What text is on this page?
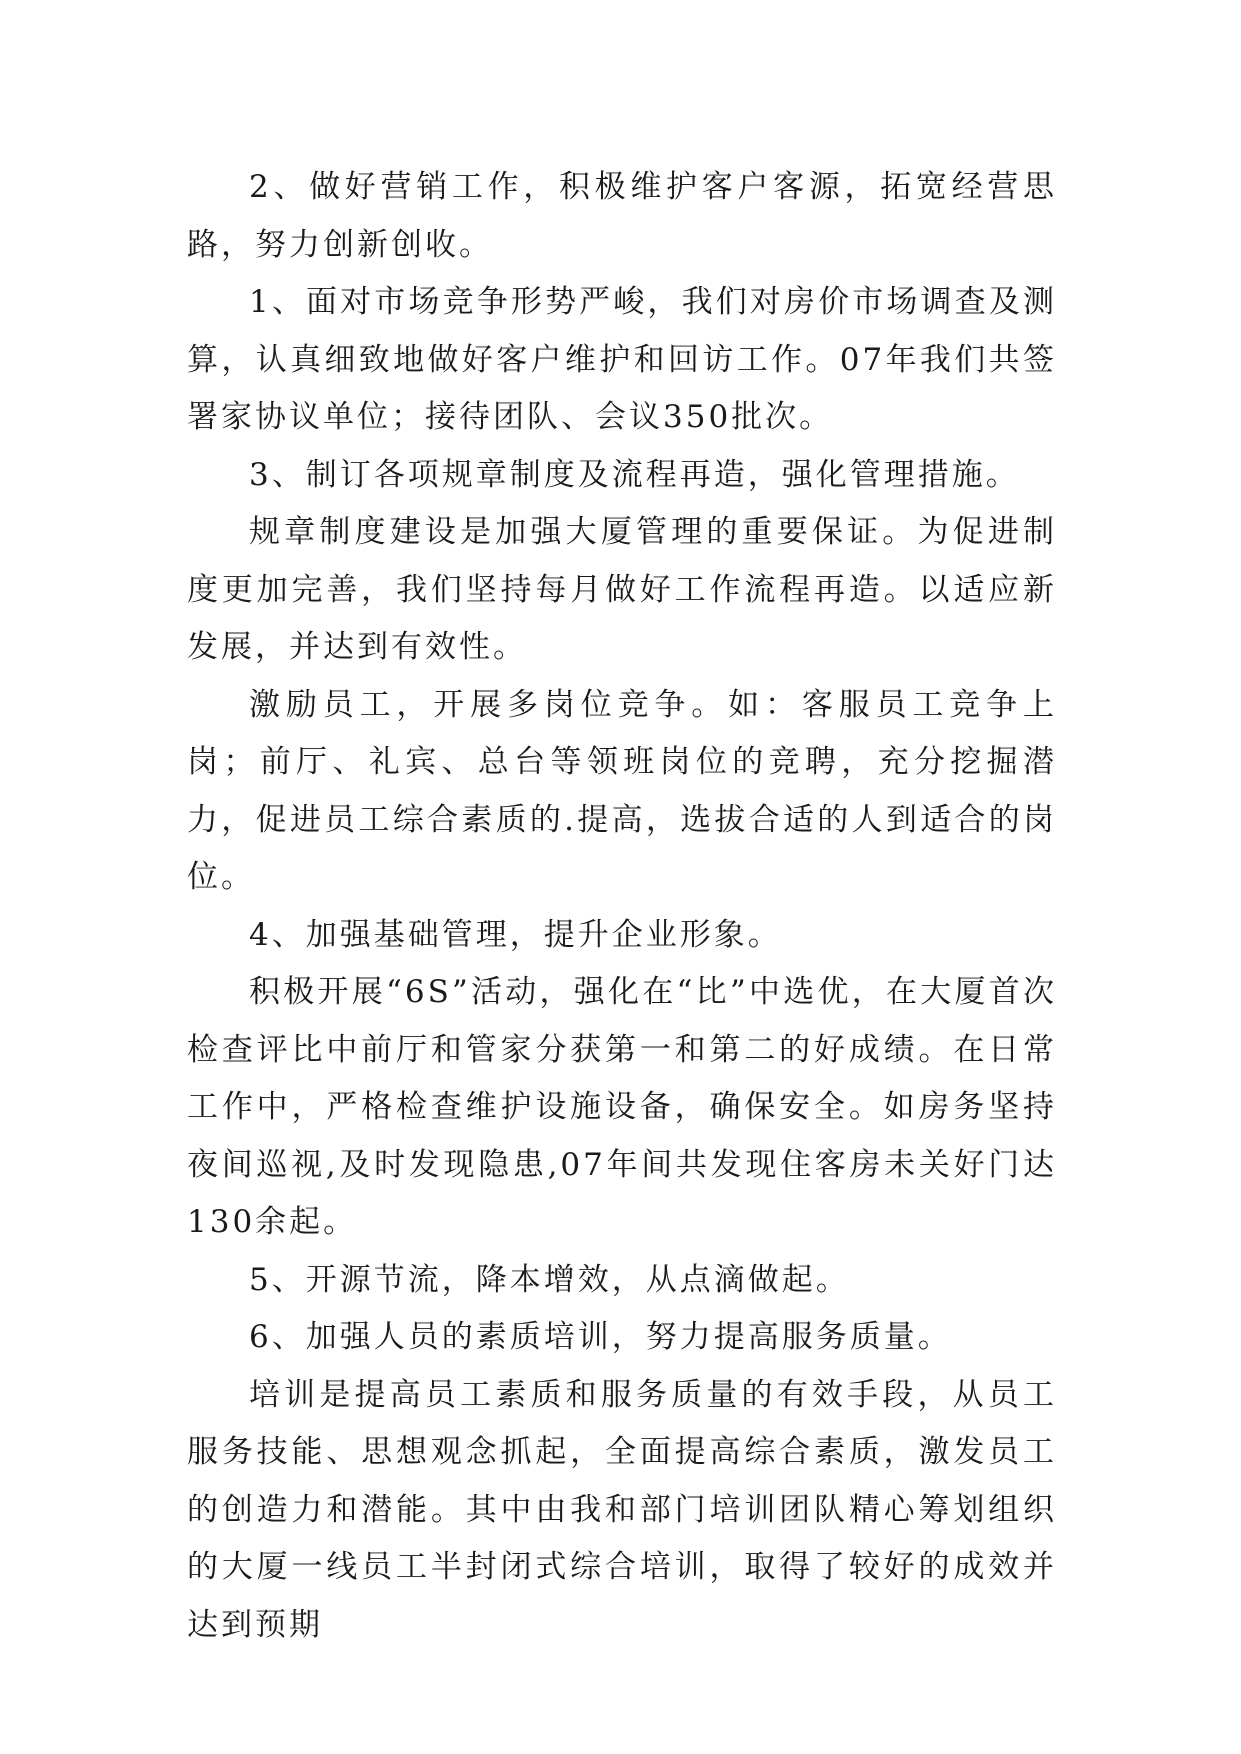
2、做好营销工作，积极维护客户客源，拓宽经营思路，努力创新创收。

1、面对市场竞争形势严峻，我们对房价市场调查及测算，认真细致地做好客户维护和回访工作。07年我们共签署家协议单位；接待团队、会议350批次。

3、制订各项规章制度及流程再造，强化管理措施。

规章制度建设是加强大厦管理的重要保证。为促进制度更加完善，我们坚持每月做好工作流程再造。以适应新发展，并达到有效性。

激励员工，开展多岗位竞争。如：客服员工竞争上岗；前厅、礼宾、总台等领班岗位的竞聘，充分挖掘潜力，促进员工综合素质的.提高，选拔合适的人到适合的岗位。

4、加强基础管理，提升企业形象。

积极开展“6S”活动，强化在“比”中选优，在大厦首次检查评比中前厅和管家分获第一和第二的好成绩。在日常工作中，严格检查维护设施设备，确保安全。如房务坚持夜间巡视,及时发现隐患,07年间共发现住客房未关好门达130余起。

5、开源节流，降本增效，从点滴做起。

6、加强人员的素质培训，努力提高服务质量。

培训是提高员工素质和服务质量的有效手段，从员工服务技能、思想观念抓起，全面提高综合素质，激发员工的创造力和潜能。其中由我和部门培训团队精心筹划组织的大厦一线员工半封闭式综合培训，取得了较好的成效并达到预期
